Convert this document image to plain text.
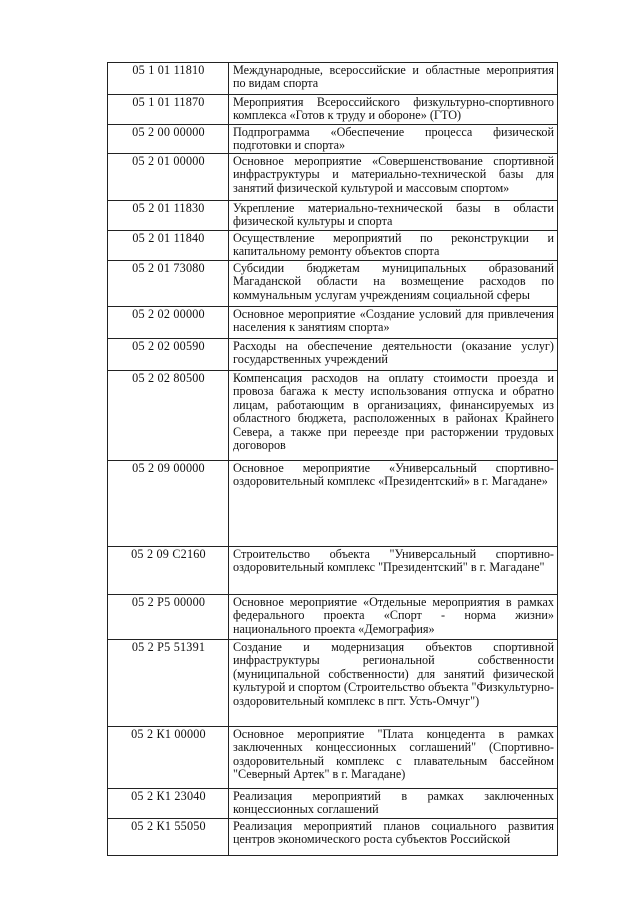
05 1 01 11810	Международные, всероссийские и областные мероприятия по видам спорта
05 1 01 11870	Мероприятия Всероссийского физкультурно-спортивного комплекса «Готов к труду и обороне» (ГТО)
05 2 00 00000	Подпрограмма «Обеспечение процесса физической подготовки и спорта»
05 2 01 00000	Основное мероприятие «Совершенствование спортивной инфраструктуры и материально-технической базы для занятий физической культурой и массовым спортом»
05 2 01 11830	Укрепление материально-технической базы в области физической культуры и спорта
05 2 01 11840	Осуществление мероприятий по реконструкции и капитальному ремонту объектов спорта
05 2 01 73080	Субсидии бюджетам муниципальных образований Магаданской области на возмещение расходов по коммунальным услугам учреждениям социальной сферы
05 2 02 00000	Основное мероприятие «Создание условий для привлечения населения к занятиям спорта»
05 2 02 00590	Расходы на обеспечение деятельности (оказание услуг) государственных учреждений
05 2 02 80500	Компенсация расходов на оплату стоимости проезда и провоза багажа к месту использования отпуска и обратно лицам, работающим в организациях, финансируемых из областного бюджета, расположенных в районах Крайнего Севера, а также при переезде при расторжении трудовых договоров
05 2 09 00000	Основное мероприятие «Универсальный спортивно-оздоровительный комплекс «Президентский» в г. Магадане»
05 2 09 С2160	Строительство объекта "Универсальный спортивно-оздоровительный комплекс "Президентский" в г. Магадане"
05 2 Р5 00000	Основное мероприятие «Отдельные мероприятия в рамках федерального проекта «Спорт - норма жизни» национального проекта «Демография»
05 2 Р5 51391	Создание и модернизация объектов спортивной инфраструктуры региональной собственности (муниципальной собственности) для занятий физической культурой и спортом (Строительство объекта "Физкультурно-оздоровительный комплекс в пгт. Усть-Омчуг")
05 2 К1 00000	Основное мероприятие "Плата концедента в рамках заключенных концессионных соглашений" (Спортивно-оздоровительный комплекс с плавательным бассейном "Северный Артек" в г. Магадане)
05 2 К1 23040	Реализация мероприятий в рамках заключенных концессионных соглашений
05 2 К1 55050	Реализация мероприятий планов социального развития центров экономического роста субъектов Российской
